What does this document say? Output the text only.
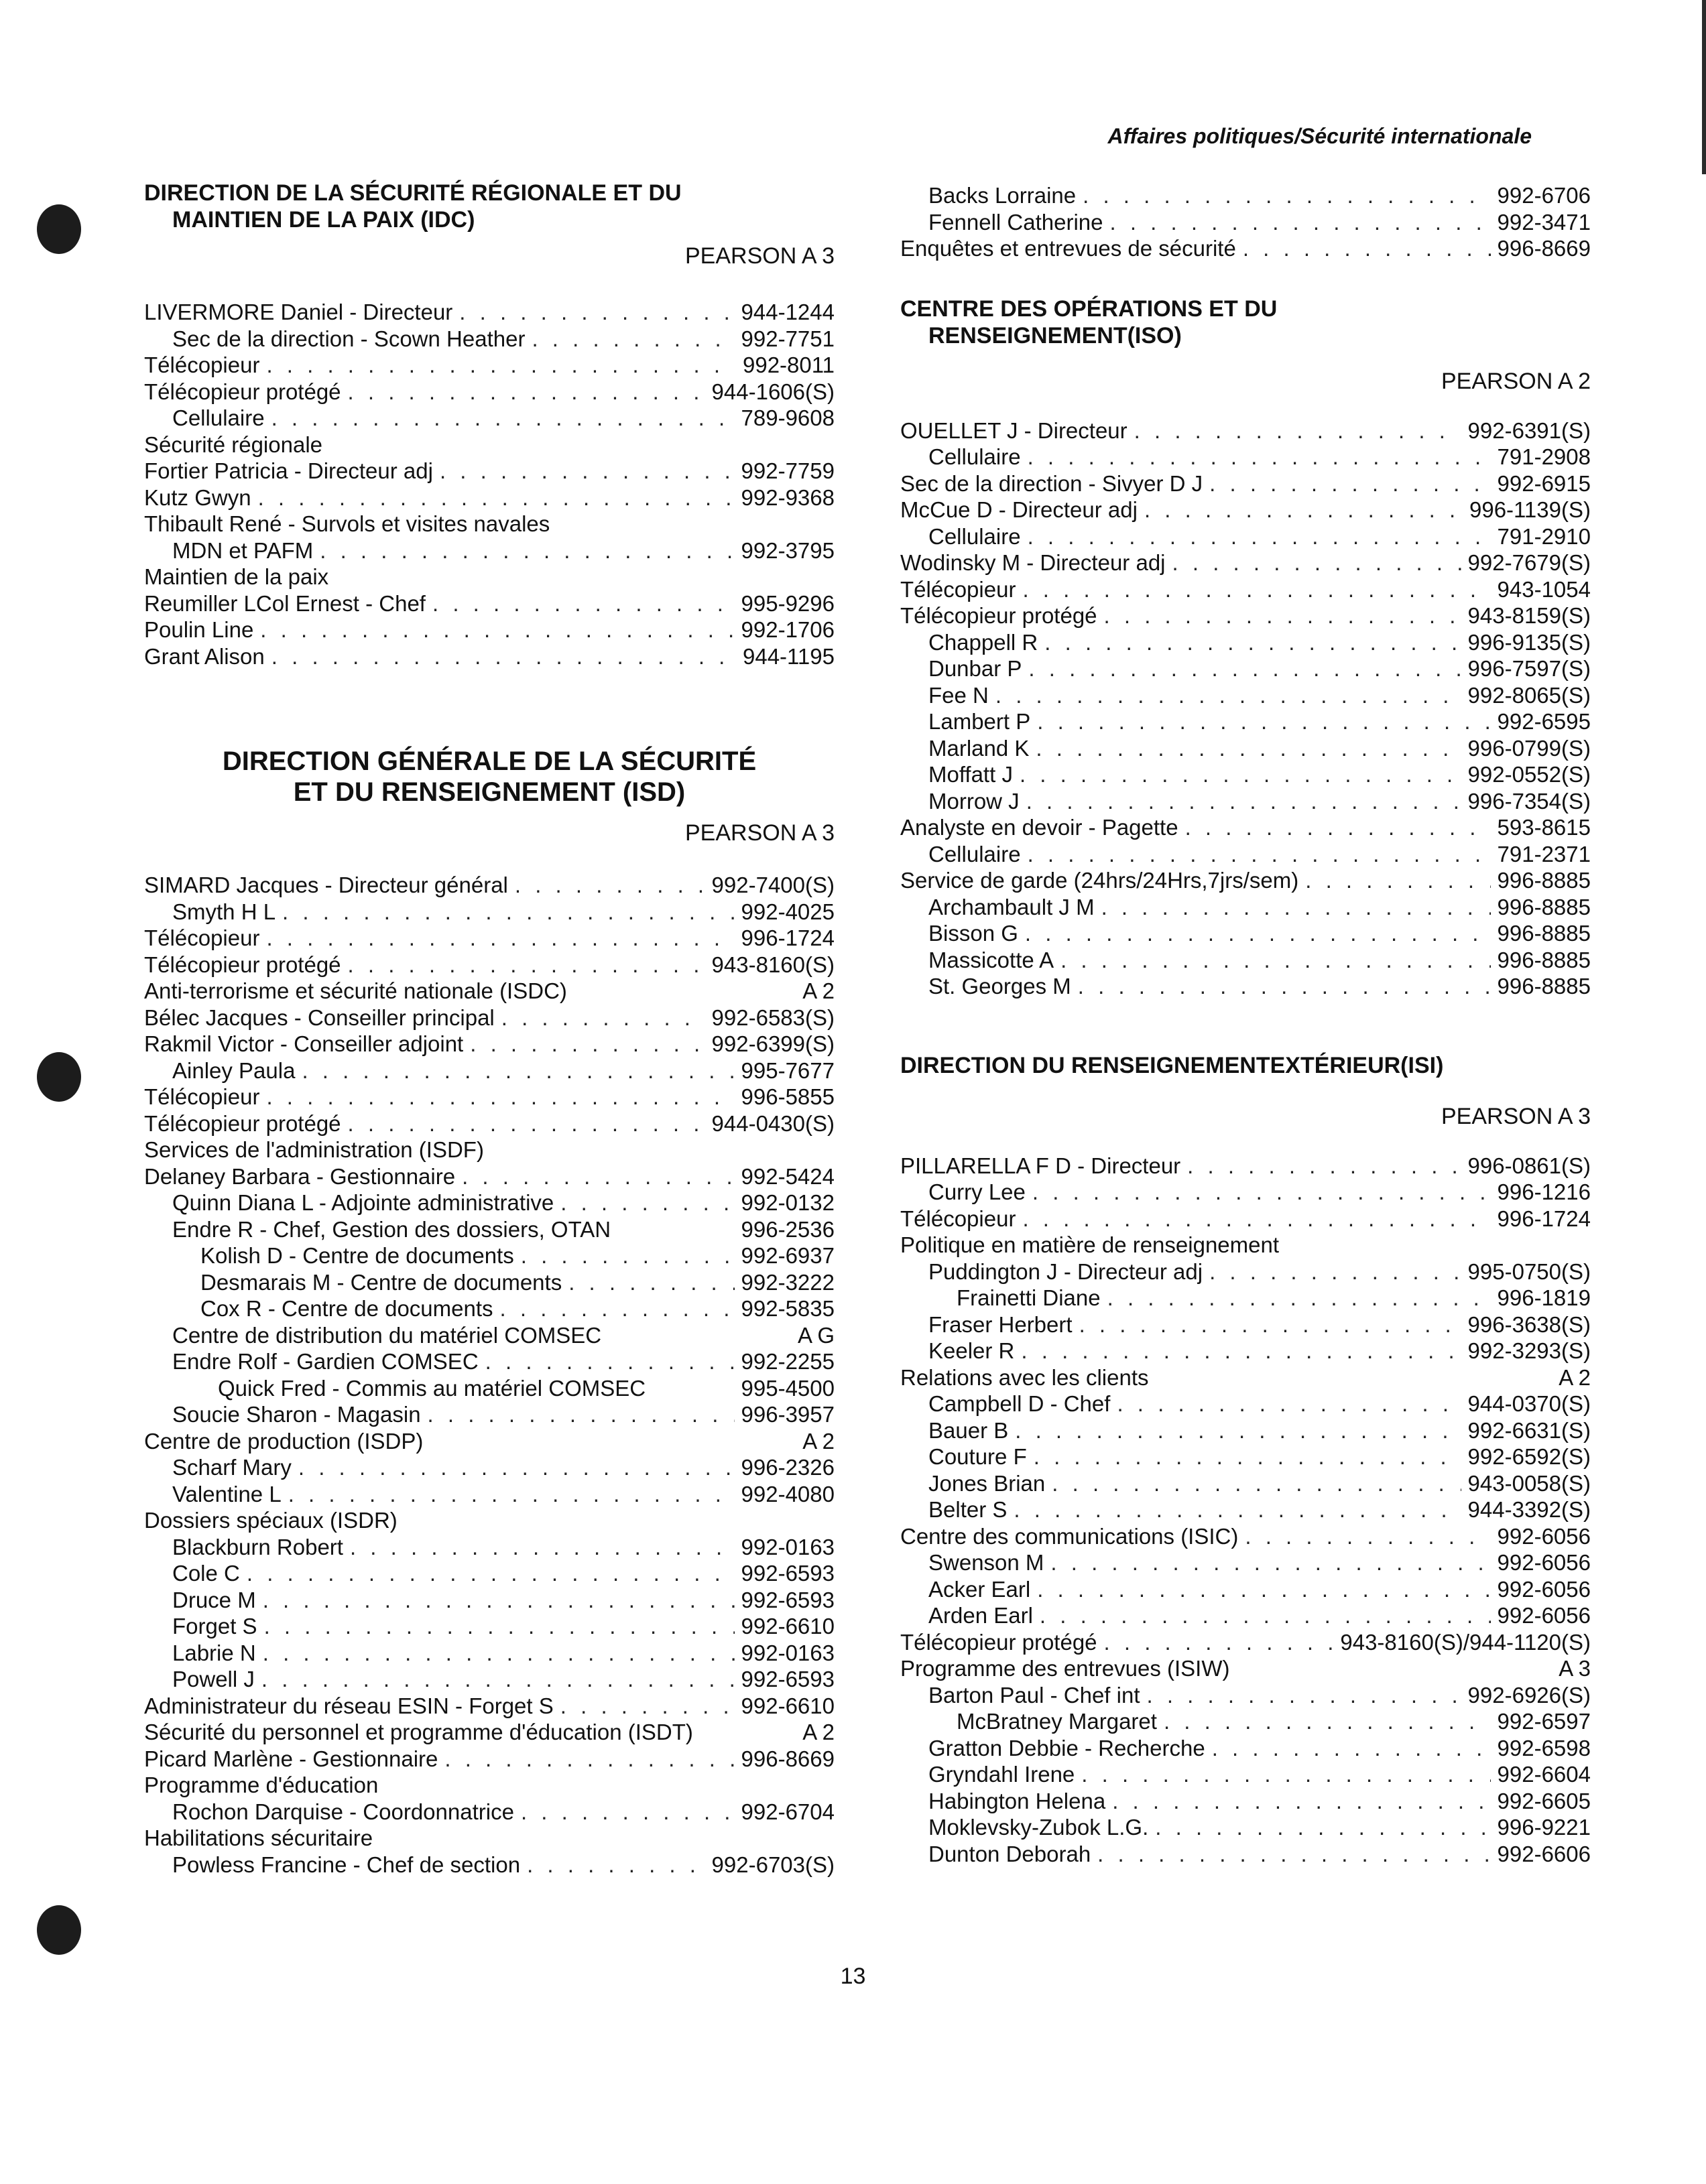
Affaires politiques/Sécurité internationale
DIRECTION DE LA SÉCURITÉ RÉGIONALE ET DU
MAINTIEN DE LA PAIX (IDC)
PEARSON A 3
LIVERMORE Daniel - Directeur . . .	944-1244
Sec de la direction - Scown Heather . . .	992-7751
Télécopieur . . .	992-8011
Télécopieur protégé . . .	944-1606(S)
Cellulaire . . .	789-9608
Sécurité régionale
Fortier Patricia - Directeur adj . . .	992-7759
Kutz Gwyn . . .	992-9368
Thibault René - Survols et visites navales
MDN et PAFM . . .	992-3795
Maintien de la paix
Reumiller LCol Ernest - Chef . . .	995-9296
Poulin Line . . .	992-1706
Grant Alison . . .	944-1195
DIRECTION GÉNÉRALE DE LA SÉCURITÉ
ET DU RENSEIGNEMENT (ISD)
PEARSON A 3
SIMARD Jacques - Directeur général . . .	992-7400(S)
Smyth H L . . .	992-4025
Télécopieur . . .	996-1724
Télécopieur protégé . . .	943-8160(S)
Anti-terrorisme et sécurité nationale (ISDC)	A 2
Bélec Jacques - Conseiller principal . . .	992-6583(S)
Rakmil Victor - Conseiller adjoint . . .	992-6399(S)
Ainley Paula . . .	995-7677
Télécopieur . . .	996-5855
Télécopieur protégé . . .	944-0430(S)
Services de l'administration (ISDF)
Delaney Barbara - Gestionnaire . . .	992-5424
Quinn Diana L - Adjointe administrative . . .	992-0132
Endre R - Chef, Gestion des dossiers, OTAN	996-2536
Kolish D - Centre de documents . . .	992-6937
Desmarais M - Centre de documents . . .	992-3222
Cox R - Centre de documents . . .	992-5835
Centre de distribution du matériel COMSEC	A G
Endre Rolf - Gardien COMSEC . . .	992-2255
Quick Fred - Commis au matériel COMSEC	995-4500
Soucie Sharon - Magasin . . .	996-3957
Centre de production (ISDP)	A 2
Scharf Mary . . .	996-2326
Valentine L . . .	992-4080
Dossiers spéciaux (ISDR)
Blackburn Robert . . .	992-0163
Cole C . . .	992-6593
Druce M . . .	992-6593
Forget S . . .	992-6610
Labrie N . . .	992-0163
Powell J . . .	992-6593
Administrateur du réseau ESIN - Forget S . . .	992-6610
Sécurité du personnel et programme d'éducation (ISDT)	A 2
Picard Marlène - Gestionnaire . . .	996-8669
Programme d'éducation
Rochon Darquise - Coordonnatrice . . .	992-6704
Habilitations sécuritaire
Powless Francine - Chef de section . . .	992-6703(S)
Backs Lorraine . . .	992-6706
Fennell Catherine . . .	992-3471
Enquêtes et entrevues de sécurité . . .	996-8669
CENTRE DES OPÉRATIONS ET DU
RENSEIGNEMENT(ISO)
PEARSON A 2
OUELLET J - Directeur . . .	992-6391(S)
Cellulaire . . .	791-2908
Sec de la direction - Sivyer D J . . .	992-6915
McCue D - Directeur adj . . .	996-1139(S)
Cellulaire . . .	791-2910
Wodinsky M - Directeur adj . . .	992-7679(S)
Télécopieur . . .	943-1054
Télécopieur protégé . . .	943-8159(S)
Chappell R . . .	996-9135(S)
Dunbar P . . .	996-7597(S)
Fee N . . .	992-8065(S)
Lambert P . . .	992-6595
Marland K . . .	996-0799(S)
Moffatt J . . .	992-0552(S)
Morrow J . . .	996-7354(S)
Analyste en devoir - Pagette . . .	593-8615
Cellulaire . . .	791-2371
Service de garde (24hrs/24Hrs,7jrs/sem) . . .	996-8885
Archambault J M . . .	996-8885
Bisson G . . .	996-8885
Massicotte A . . .	996-8885
St. Georges M . . .	996-8885
DIRECTION DU RENSEIGNEMENTEXTÉRIEUR(ISI)
PEARSON A 3
PILLARELLA F D - Directeur . . .	996-0861(S)
Curry Lee . . .	996-1216
Télécopieur . . .	996-1724
Politique en matière de renseignement
Puddington J - Directeur adj . . .	995-0750(S)
Frainetti Diane . . .	996-1819
Fraser Herbert . . .	996-3638(S)
Keeler R . . .	992-3293(S)
Relations avec les clients	A 2
Campbell D - Chef . . .	944-0370(S)
Bauer B . . .	992-6631(S)
Couture F . . .	992-6592(S)
Jones Brian . . .	943-0058(S)
Belter S . . .	944-3392(S)
Centre des communications (ISIC) . . .	992-6056
Swenson M . . .	992-6056
Acker Earl . . .	992-6056
Arden Earl . . .	992-6056
Télécopieur protégé . . .	943-8160(S)/944-1120(S)
Programme des entrevues (ISIW)	A 3
Barton Paul - Chef int . . .	992-6926(S)
McBratney Margaret . . .	992-6597
Gratton Debbie - Recherche . . .	992-6598
Gryndahl Irene . . .	992-6604
Habington Helena . . .	992-6605
Moklevsky-Zubok L.G. . . .	996-9221
Dunton Deborah . . .	992-6606
13
